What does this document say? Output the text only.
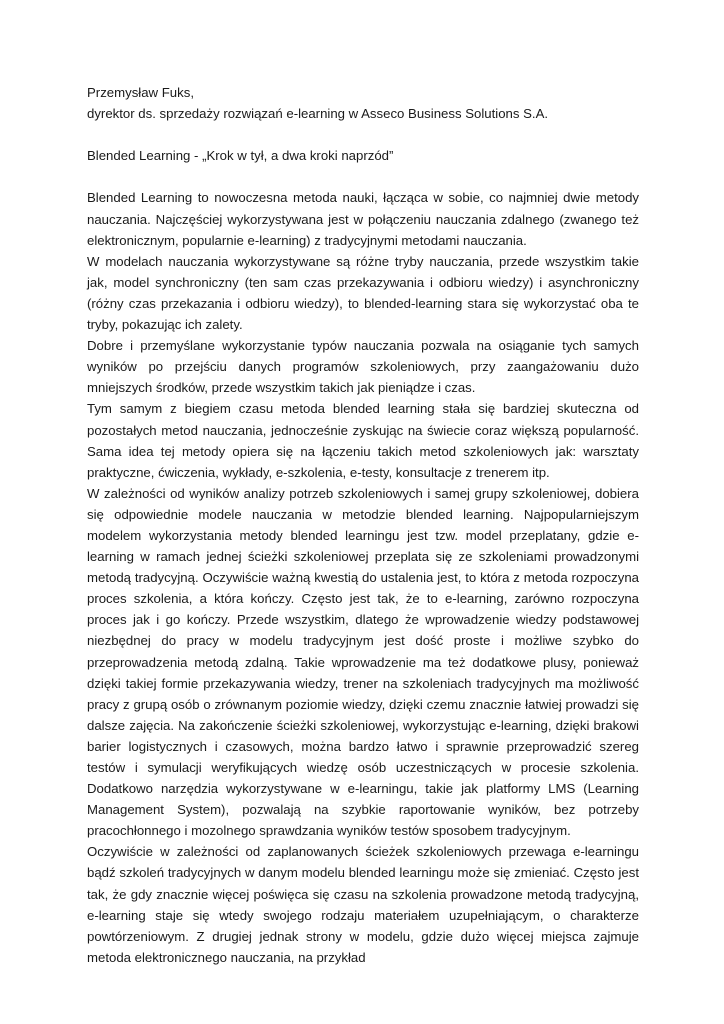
Przemysław Fuks,

dyrektor ds. sprzedaży rozwiązań e-learning w Asseco Business Solutions S.A.

Blended Learning - „Krok w tył, a dwa kroki naprzód”

Blended Learning to nowoczesna metoda nauki, łącząca w sobie, co najmniej dwie metody nauczania. Najczęściej wykorzystywana jest w połączeniu nauczania zdalnego (zwanego też elektronicznym, popularnie e-learning) z tradycyjnymi metodami nauczania.

W modelach nauczania wykorzystywane są różne tryby nauczania, przede wszystkim takie jak, model synchroniczny (ten sam czas przekazywania i odbioru wiedzy) i asynchroniczny (różny czas przekazania i odbioru wiedzy), to blended-learning stara się wykorzystać oba te tryby, pokazując ich zalety.

Dobre i przemyślane wykorzystanie typów nauczania pozwala na osiąganie tych samych wyników po przejściu danych programów szkoleniowych, przy zaangażowaniu dużo mniejszych środków, przede wszystkim takich jak pieniądze i czas.

Tym samym z biegiem czasu metoda blended learning stała się bardziej skuteczna od pozostałych metod nauczania, jednocześnie zyskując na świecie coraz większą popularność. Sama idea tej metody opiera się na łączeniu takich metod szkoleniowych jak: warsztaty praktyczne, ćwiczenia, wykłady, e-szkolenia, e-testy, konsultacje z trenerem itp.

W zależności od wyników analizy potrzeb szkoleniowych i samej grupy szkoleniowej, dobiera się odpowiednie modele nauczania w metodzie blended learning. Najpopularniejszym modelem wykorzystania metody blended learningu jest tzw. model przeplatany, gdzie e-learning w ramach jednej ścieżki szkoleniowej przeplata się ze szkoleniami prowadzonymi metodą tradycyjną. Oczywiście ważną kwestią do ustalenia jest, to która z metoda rozpoczyna proces szkolenia, a która kończy. Często jest tak, że to e-learning, zarówno rozpoczyna proces jak i go kończy. Przede wszystkim, dlatego że wprowadzenie wiedzy podstawowej niezbędnej do pracy w modelu tradycyjnym jest dość proste i możliwe szybko do przeprowadzenia metodą zdalną. Takie wprowadzenie ma też dodatkowe plusy, ponieważ dzięki takiej formie przekazywania wiedzy, trener na szkoleniach tradycyjnych ma możliwość pracy z grupą osób o zrównanym poziomie wiedzy, dzięki czemu znacznie łatwiej prowadzi się dalsze zajęcia. Na zakończenie ścieżki szkoleniowej, wykorzystując e-learning, dzięki brakowi barier logistycznych i czasowych, można bardzo łatwo i sprawnie przeprowadzić szereg testów i symulacji weryfikujących wiedzę osób uczestniczących w procesie szkolenia. Dodatkowo narzędzia wykorzystywane w e-learningu, takie jak platformy LMS (Learning Management System), pozwalają na szybkie raportowanie wyników, bez potrzeby pracochłonnego i mozolnego sprawdzania wyników testów sposobem tradycyjnym.

Oczywiście w zależności od zaplanowanych ścieżek szkoleniowych przewaga e-learningu bądź szkoleń tradycyjnych w danym modelu blended learningu może się zmieniać. Często jest tak, że gdy znacznie więcej poświęca się czasu na szkolenia prowadzone metodą tradycyjną, e-learning staje się wtedy swojego rodzaju materiałem uzupełniającym, o charakterze powtórzeniowym. Z drugiej jednak strony w modelu, gdzie dużo więcej miejsca zajmuje metoda elektronicznego nauczania, na przykład
